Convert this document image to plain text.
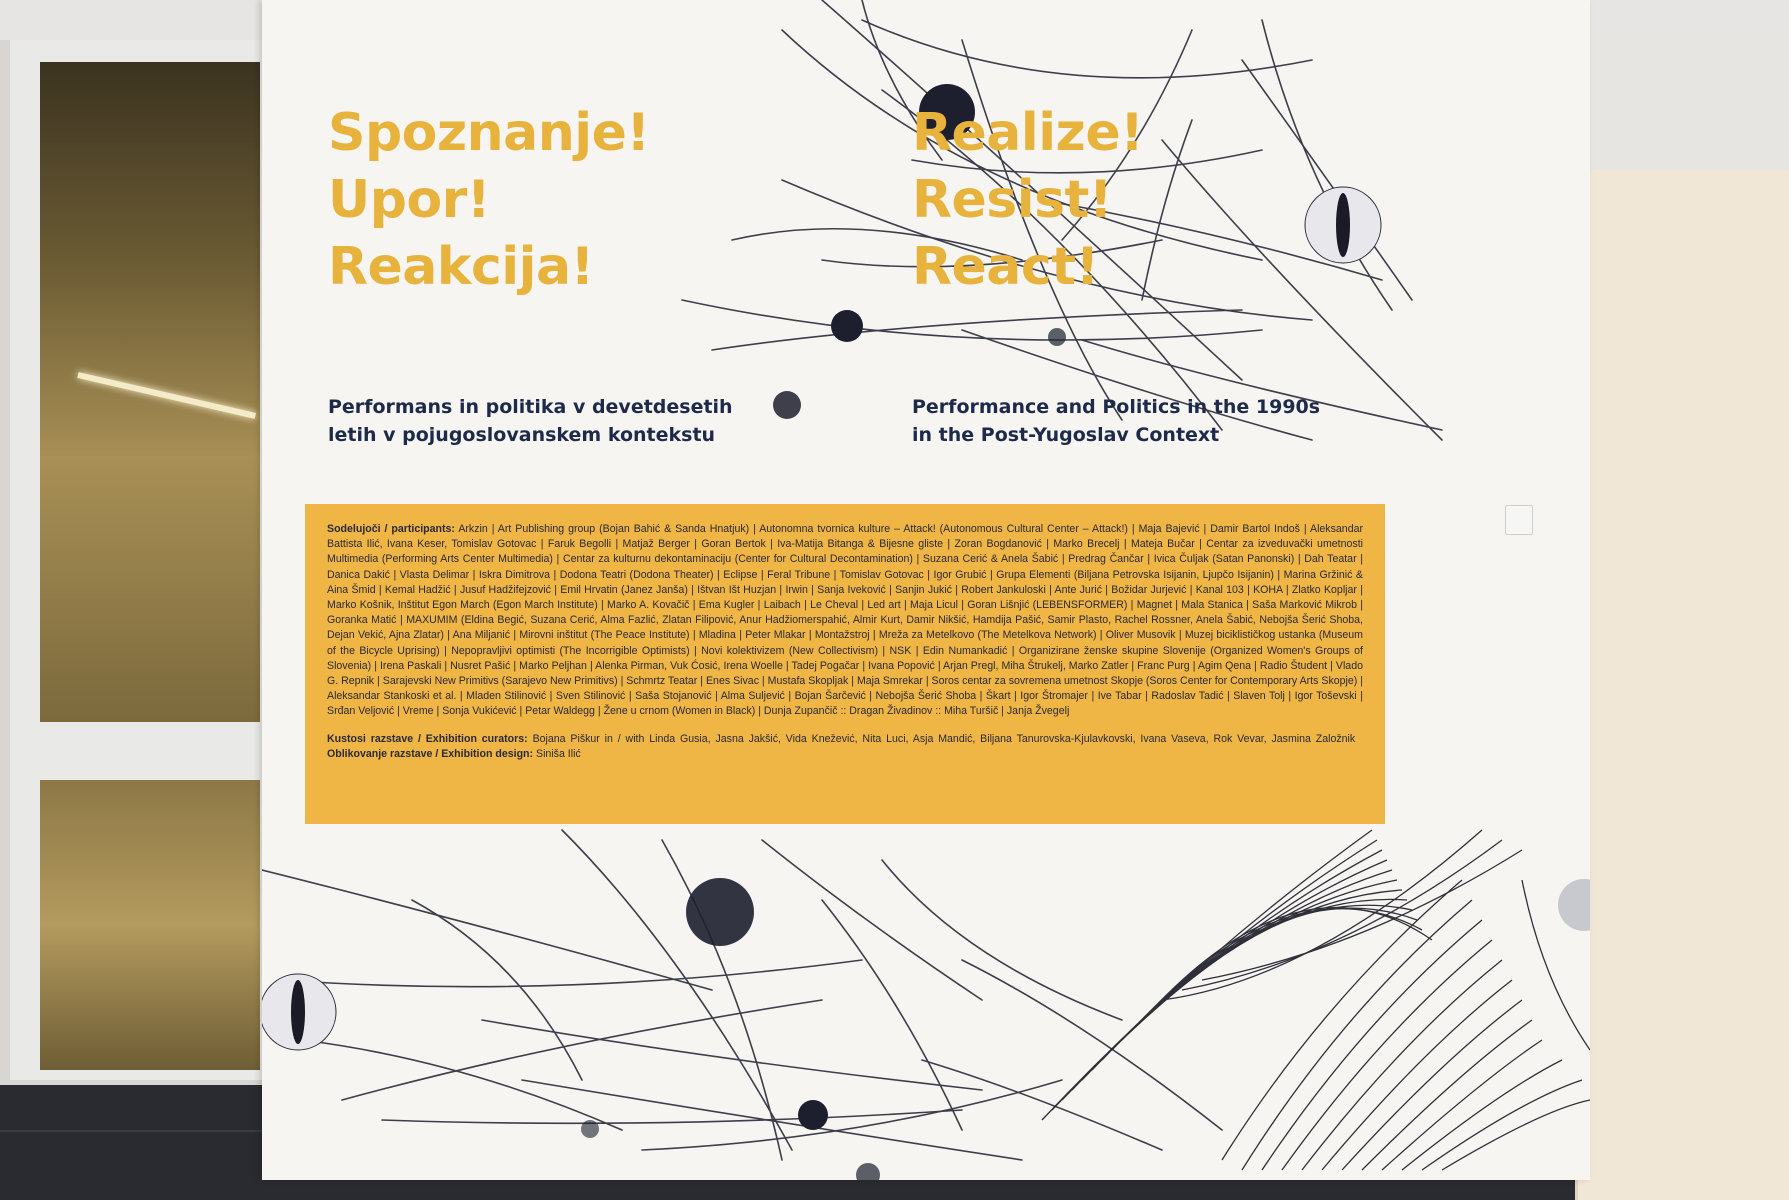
Spoznanje!
Upor!
Reakcija!
Realize!
Resist!
React!
Performans in politika v devetdesetih
letih v pojugoslovanskem kontekstu
Performance and Politics in the 1990s
in the Post-Yugoslav Context

Sodelujoči / participants: Arkzin | Art Publishing group (Bojan Bahić & Sanda Hnatjuk) | Autonomna tvornica kulture – Attack! (Autonomous Cultural Center – Attack!) | Maja Bajević | Damir Bartol Indoš | Aleksandar Battista Ilić, Ivana Keser, Tomislav Gotovac | Faruk Begolli | Matjaž Berger | Goran Bertok | Iva-Matija Bitanga & Bijesne gliste | Zoran Bogdanović | Marko Brecelj | Mateja Bučar | Centar za izveduvački umetnosti Multimedia (Performing Arts Center Multimedia) | Centar za kulturnu dekontaminaciju (Center for Cultural Decontamination) | Suzana Cerić & Anela Šabić | Predrag Čančar | Ivica Čuljak (Satan Panonski) | Dah Teatar | Danica Dakić | Vlasta Delimar | Iskra Dimitrova | Dodona Teatri (Dodona Theater) | Eclipse | Feral Tribune | Tomislav Gotovac | Igor Grubić | Grupa Elementi (Biljana Petrovska Isijanin, Ljupčo Isijanin) | Marina Gržinić & Aina Šmid | Kemal Hadžić | Jusuf Hadžifejzović | Emil Hrvatin (Janez Janša) | Ištvan Išt Huzjan | Irwin | Sanja Iveković | Sanjin Jukić | Robert Jankuloski | Ante Jurić | Božidar Jurjević | Kanal 103 | KOHA | Zlatko Kopljar | Marko Košnik, Inštitut Egon March (Egon March Institute) | Marko A. Kovačič | Ema Kugler | Laibach | Le Cheval | Led art | Maja Licul | Goran Lišnjić (LEBENSFORMER) | Magnet | Mala Stanica | Saša Marković Mikrob | Goranka Matić | MAXUMIM (Eldina Begić, Suzana Cerić, Alma Fazlić, Zlatan Filipović, Anur Hadžiomerspahić, Almir Kurt, Damir Nikšić, Hamdija Pašić, Samir Plasto, Rachel Rossner, Anela Šabić, Nebojša Šerić Shoba, Dejan Vekić, Ajna Zlatar) | Ana Miljanić | Mirovni inštitut (The Peace Institute) | Mladina | Peter Mlakar | Montažstroj | Mreža za Metelkovo (The Metelkova Network) | Oliver Musovik | Muzej biciklističkog ustanka (Museum of the Bicycle Uprising) | Nepopravljivi optimisti (The Incorrigible Optimists) | Novi kolektivizem (New Collectivism) | NSK | Edin Numankadić | Organizirane ženske skupine Slovenije (Organized Women's Groups of Slovenia) | Irena Paskali | Nusret Pašić | Marko Peljhan | Alenka Pirman, Vuk Ćosić, Irena Woelle | Tadej Pogačar | Ivana Popović | Arjan Pregl, Miha Štrukelj, Marko Zatler | Franc Purg | Agim Qena | Radio Študent | Vlado G. Repnik | Sarajevski New Primitivs (Sarajevo New Primitivs) | Schmrtz Teatar | Enes Sivac | Mustafa Skopljak | Maja Smrekar | Soros centar za sovremena umetnost Skopje (Soros Center for Contemporary Arts Skopje) | Aleksandar Stankoski et al. | Mladen Stilinović | Sven Stilinović | Saša Stojanović | Alma Suljević | Bojan Šarčević | Nebojša Šerić Shoba | Škart | Igor Štromajer | Ive Tabar | Radoslav Tadić | Slaven Tolj | Igor Toševski | Srđan Veljović | Vreme | Sonja Vukićević | Petar Waldegg | Žene u crnom (Women in Black) | Dunja Zupančič :: Dragan Živadinov :: Miha Turšič | Janja Žvegelj

Kustosi razstave / Exhibition curators: Bojana Piškur in / with Linda Gusia, Jasna Jakšić, Vida Knežević, Nita Luci, Asja Mandić, Biljana Tanurovska-Kjulavkovski, Ivana Vaseva, Rok Vevar, Jasmina Založnik   Oblikovanje razstave / Exhibition design: Siniša Ilić
